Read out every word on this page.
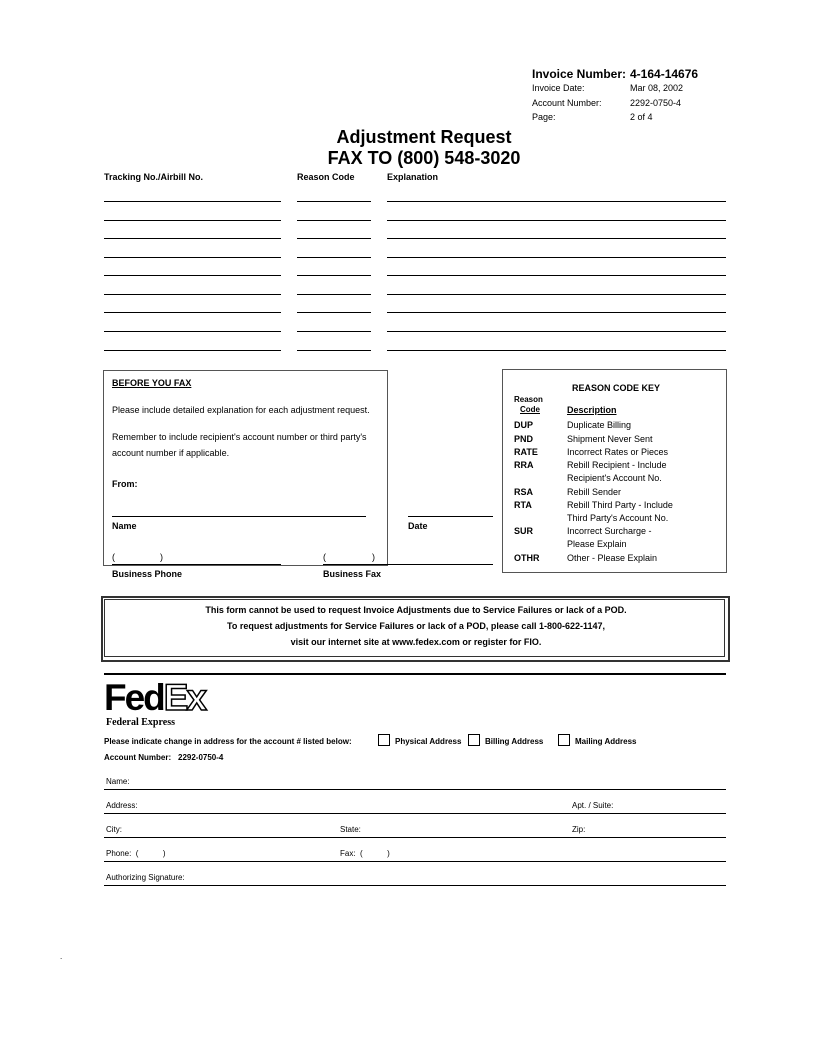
Invoice Number: 4-164-14676
Invoice Date:	Mar 08, 2002
Account Number:	2292-0750-4
Page:	2 of 4
Adjustment Request
FAX TO (800) 548-3020
Tracking No./Airbill No.	Reason Code	Explanation
BEFORE YOU FAX
Please include detailed explanation for each adjustment request.
Remember to include recipient's account number or third party's
account number if applicable.
From:
Name	Date
(	)	(	)
Business Phone	Business Fax
REASON CODE KEY
Reason
Code	Description
DUP	Duplicate Billing
PND	Shipment Never Sent
RATE	Incorrect Rates or Pieces
RRA	Rebill Recipient - Include
Recipient's Account No.
RSA	Rebill Sender
RTA	Rebill Third Party - Include
Third Party's Account No.
SUR	Incorrect Surcharge -
Please Explain
OTHR	Other - Please Explain
This form cannot be used to request Invoice Adjustments due to Service Failures or lack of a POD.
To request adjustments for Service Failures or lack of a POD, please call 1-800-622-1147,
visit our internet site at www.fedex.com or register for FIO.
FedEx
Federal Express
Please indicate change in address for the account # listed below:	Physical Address	Billing Address	Mailing Address
Account Number: 2292-0750-4
Name:
Address:	Apt. / Suite:
City:	State:	Zip:
Phone:  (           )	Fax:  (           )
Authorizing Signature:
.
